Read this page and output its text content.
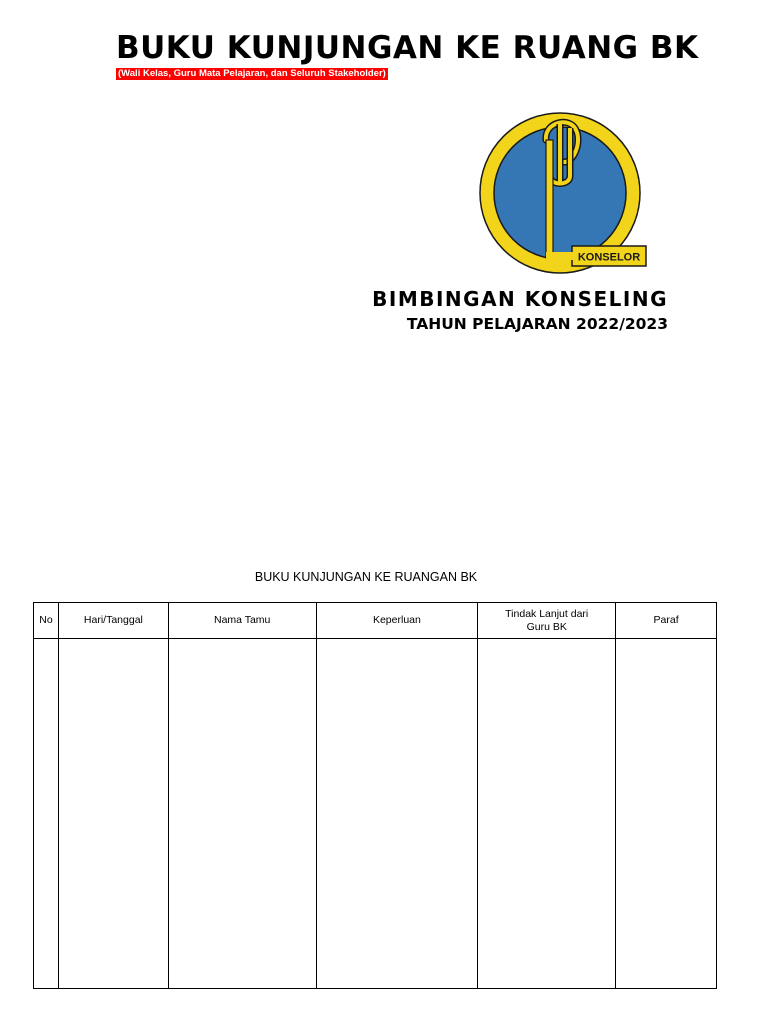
BUKU KUNJUNGAN KE RUANG BK
(Wali Kelas, Guru Mata Pelajaran, dan Seluruh Stakeholder)
KONSELOR
BIMBINGAN KONSELING
TAHUN PELAJARAN 2022/2023
BUKU KUNJUNGAN KE RUANGAN BK
No	Hari/Tanggal	Nama Tamu	Keperluan	Tindak Lanjut dari Guru BK	Paraf
